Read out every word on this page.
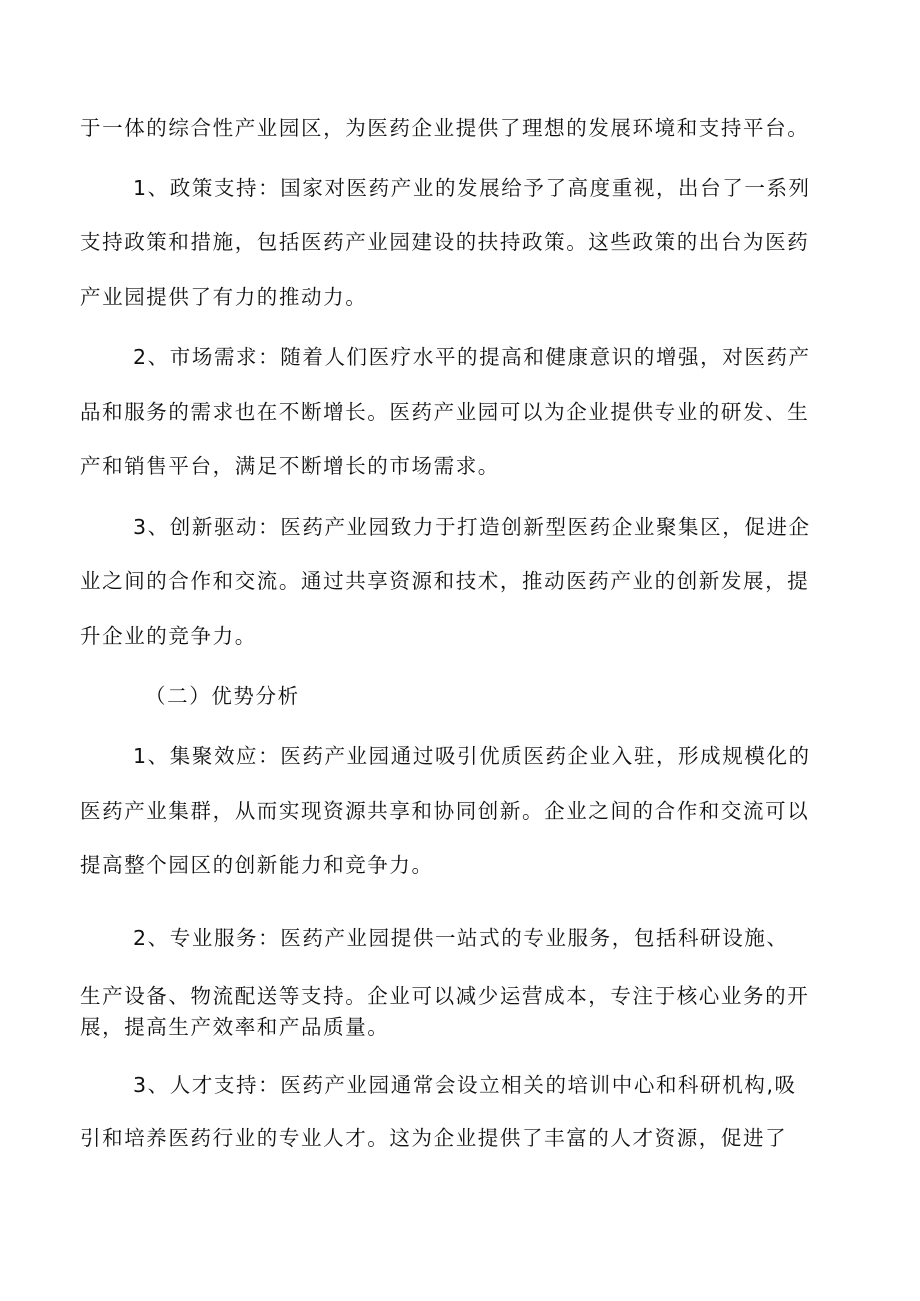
于一体的综合性产业园区，为医药企业提供了理想的发展环境和支持平台。

1、政策支持：国家对医药产业的发展给予了高度重视，出台了一系列

支持政策和措施，包括医药产业园建设的扶持政策。这些政策的出台为医药

产业园提供了有力的推动力。

2、市场需求：随着人们医疗水平的提高和健康意识的增强，对医药产

品和服务的需求也在不断增长。医药产业园可以为企业提供专业的研发、生

产和销售平台，满足不断增长的市场需求。

3、创新驱动：医药产业园致力于打造创新型医药企业聚集区，促进企

业之间的合作和交流。通过共享资源和技术，推动医药产业的创新发展，提

升企业的竞争力。

（二）优势分析

1、集聚效应：医药产业园通过吸引优质医药企业入驻，形成规模化的

医药产业集群，从而实现资源共享和协同创新。企业之间的合作和交流可以

提高整个园区的创新能力和竞争力。

2、专业服务：医药产业园提供一站式的专业服务，包括科研设施、

生产设备、物流配送等支持。企业可以减少运营成本，专注于核心业务的开

展，提高生产效率和产品质量。

3、人才支持：医药产业园通常会设立相关的培训中心和科研机构,吸

引和培养医药行业的专业人才。这为企业提供了丰富的人才资源，促进了
